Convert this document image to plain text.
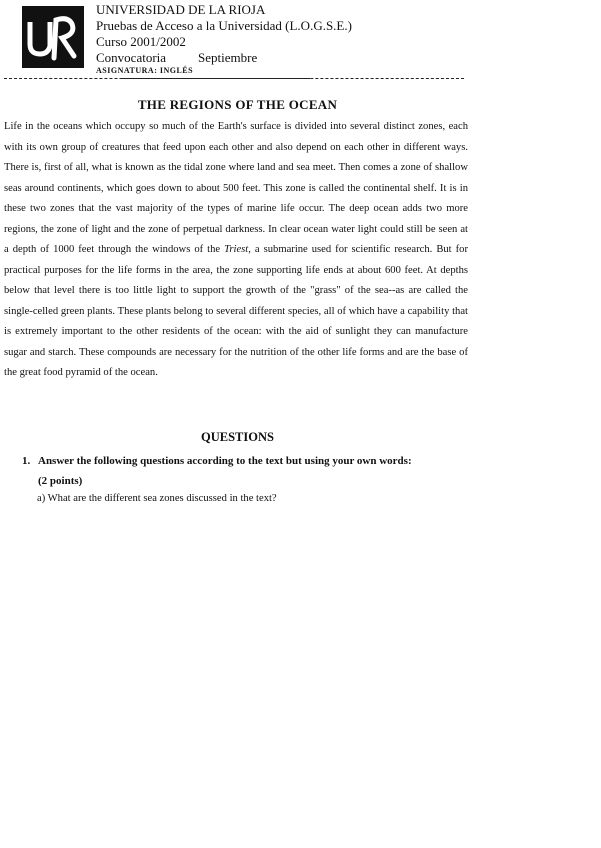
UNIVERSIDAD DE LA RIOJA
Pruebas de Acceso a la Universidad (L.O.G.S.E.)
Curso 2001/2002
Convocatoria Septiembre
ASIGNATURA: INGLÉS
THE REGIONS OF THE OCEAN
Life in the oceans which occupy so much of the Earth's surface is divided into several distinct zones, each with its own group of creatures that feed upon each other and also depend on each other in different ways. There is, first of all, what is known as the tidal zone where land and sea meet. Then comes a zone of shallow seas around continents, which goes down to about 500 feet. This zone is called the continental shelf. It is in these two zones that the vast majority of the types of marine life occur. The deep ocean adds two more regions, the zone of light and the zone of perpetual darkness. In clear ocean water light could still be seen at a depth of 1000 feet through the windows of the Triest, a submarine used for scientific research. But for practical purposes for the life forms in the area, the zone supporting life ends at about 600 feet. At depths below that level there is too little light to support the growth of the "grass" of the sea--as are called the single-celled green plants. These plants belong to several different species, all of which have a capability that is extremely important to the other residents of the ocean: with the aid of sunlight they can manufacture sugar and starch. These compounds are necessary for the nutrition of the other life forms and are the base of the great food pyramid of the ocean.
QUESTIONS
1. Answer the following questions according to the text but using your own words:
(2 points)
a) What are the different sea zones discussed in the text?
